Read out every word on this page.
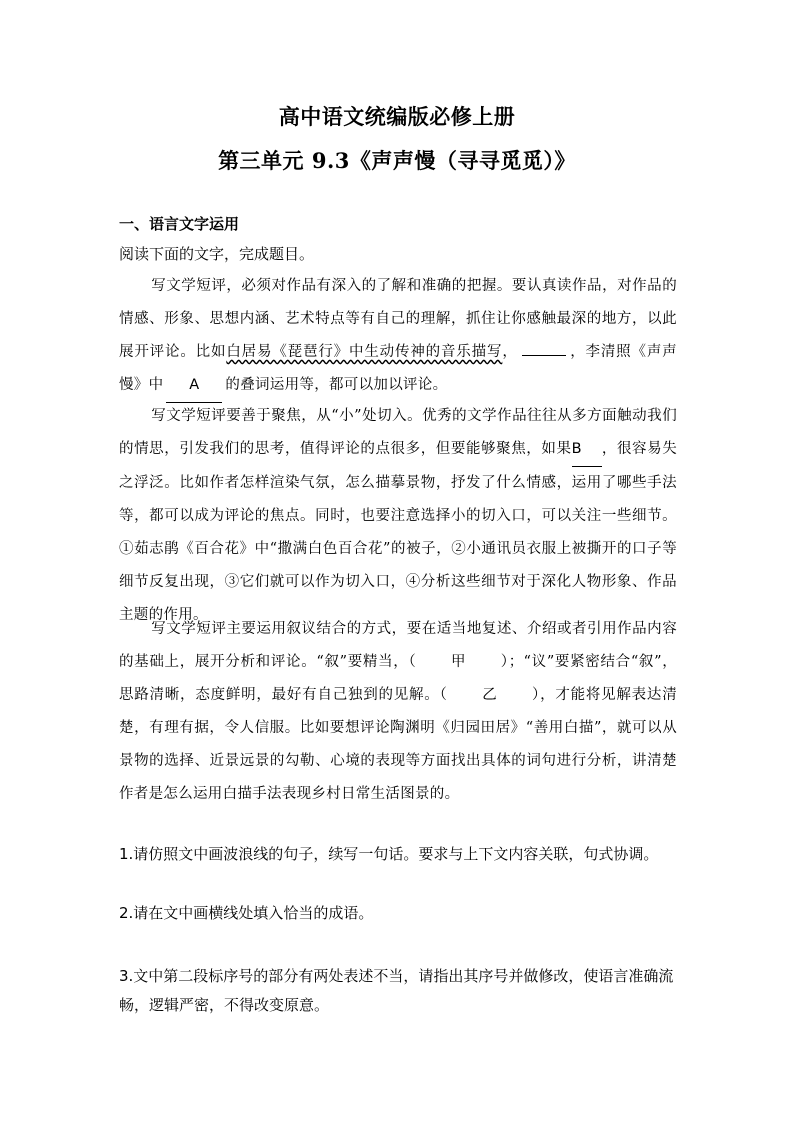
高中语文统编版必修上册
第三单元 9.3《声声慢（寻寻觅觅）》
一、语言文字运用
阅读下面的文字，完成题目。
写文学短评，必须对作品有深入的了解和准确的把握。要认真读作品，对作品的情感、形象、思想内涵、艺术特点等有自己的理解，抓住让你感触最深的地方，以此展开评论。比如白居易《琵琶行》中生动传神的音乐描写，	，李清照《声声慢》中 A 的叠词运用等，都可以加以评论。
写文学短评要善于聚焦，从“小”处切入。优秀的文学作品往往从多方面触动我们的情思，引发我们的思考，值得评论的点很多，但要能够聚焦，如果B ，很容易失之浮泛。比如作者怎样渲染气氛，怎么描摹景物，抒发了什么情感，运用了哪些手法等，都可以成为评论的焦点。同时，也要注意选择小的切入口，可以关注一些细节。①茹志鹃《百合花》中“撒满白色百合花”的被子，②小通讯员衣服上被撕开的口子等细节反复出现，③它们就可以作为切入口，④分析这些细节对于深化人物形象、作品主题的作用。
写文学短评主要运用叙议结合的方式，要在适当地复述、介绍或者引用作品内容的基础上，展开分析和评论。“叙”要精当，（ 甲 ）；“议”要紧密结合“叙”，思路清晰，态度鲜明，最好有自己独到的见解。（ 乙 ），才能将见解表达清楚，有理有据，令人信服。比如要想评论陶渊明《归园田居》“善用白描”，就可以从景物的选择、近景远景的勾勒、心境的表现等方面找出具体的词句进行分析，讲清楚作者是怎么运用白描手法表现乡村日常生活图景的。
1.请仿照文中画波浪线的句子，续写一句话。要求与上下文内容关联，句式协调。
2.请在文中画横线处填入恰当的成语。
3.文中第二段标序号的部分有两处表述不当，请指出其序号并做修改，使语言准确流畅，逻辑严密，不得改变原意。
